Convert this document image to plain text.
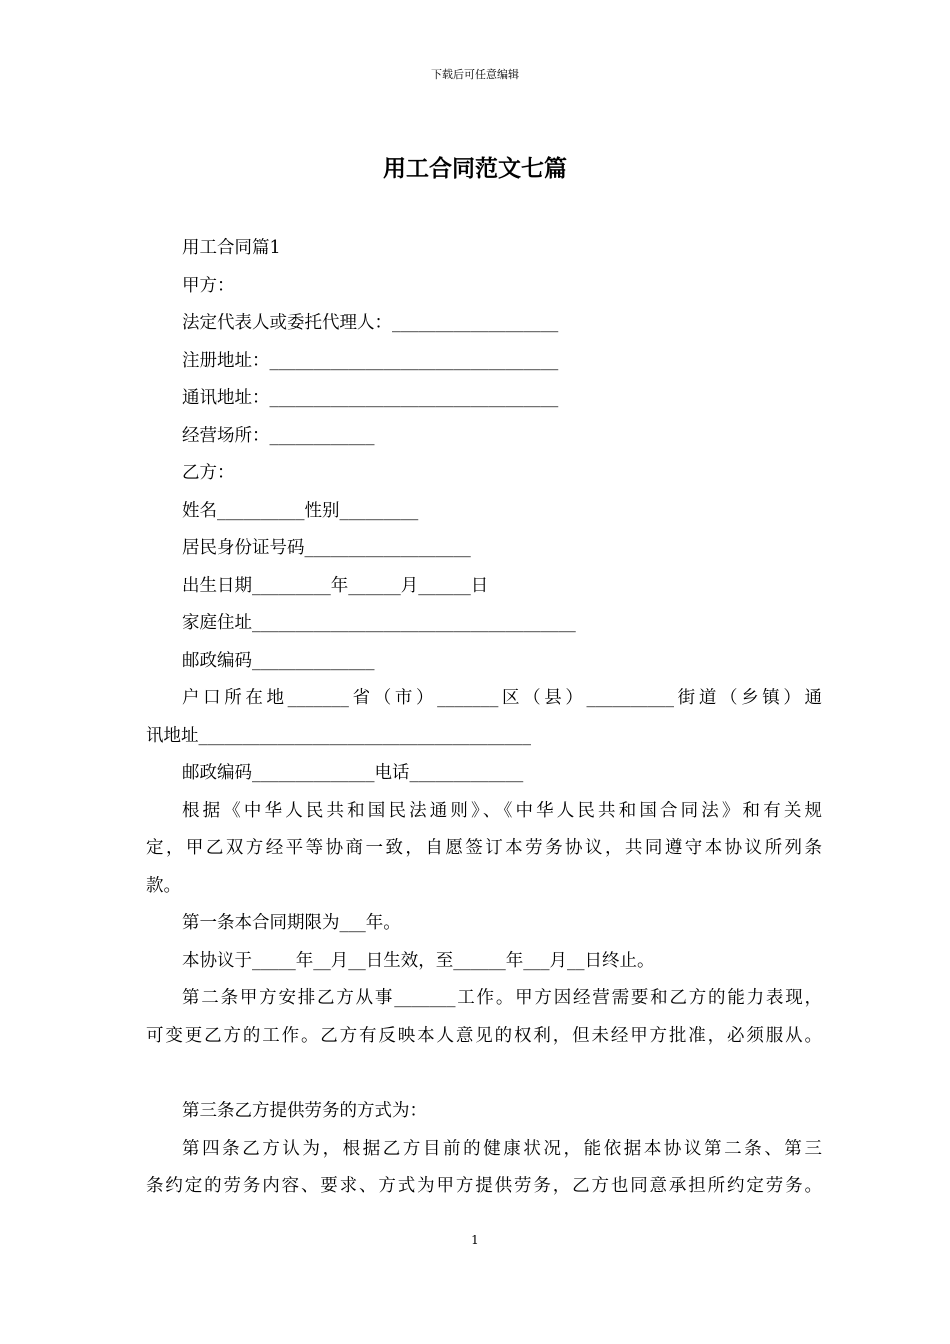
下载后可任意编辑
用工合同范文七篇
用工合同篇1
甲方：
法定代表人或委托代理人：___________________
注册地址：_________________________________
通讯地址：_________________________________
经营场所：____________
乙方：
姓名__________性别_________
居民身份证号码___________________
出生日期_________年______月______日
家庭住址_____________________________________
邮政编码______________
户口所在地_______省（市）_______区（县）__________街道（乡镇）通
讯地址______________________________________
邮政编码______________电话_____________
根据《中华人民共和国民法通则》、《中华人民共和国合同法》和有关规
定，甲乙双方经平等协商一致，自愿签订本劳务协议，共同遵守本协议所列条
款。
第一条本合同期限为___年。
本协议于_____年__月__日生效，至______年___月__日终止。
第二条甲方安排乙方从事_______工作。甲方因经营需要和乙方的能力表现，
可变更乙方的工作。乙方有反映本人意见的权利，但未经甲方批准，必须服从。
第三条乙方提供劳务的方式为：
第四条乙方认为，根据乙方目前的健康状况，能依据本协议第二条、第三
条约定的劳务内容、要求、方式为甲方提供劳务，乙方也同意承担所约定劳务。
1
